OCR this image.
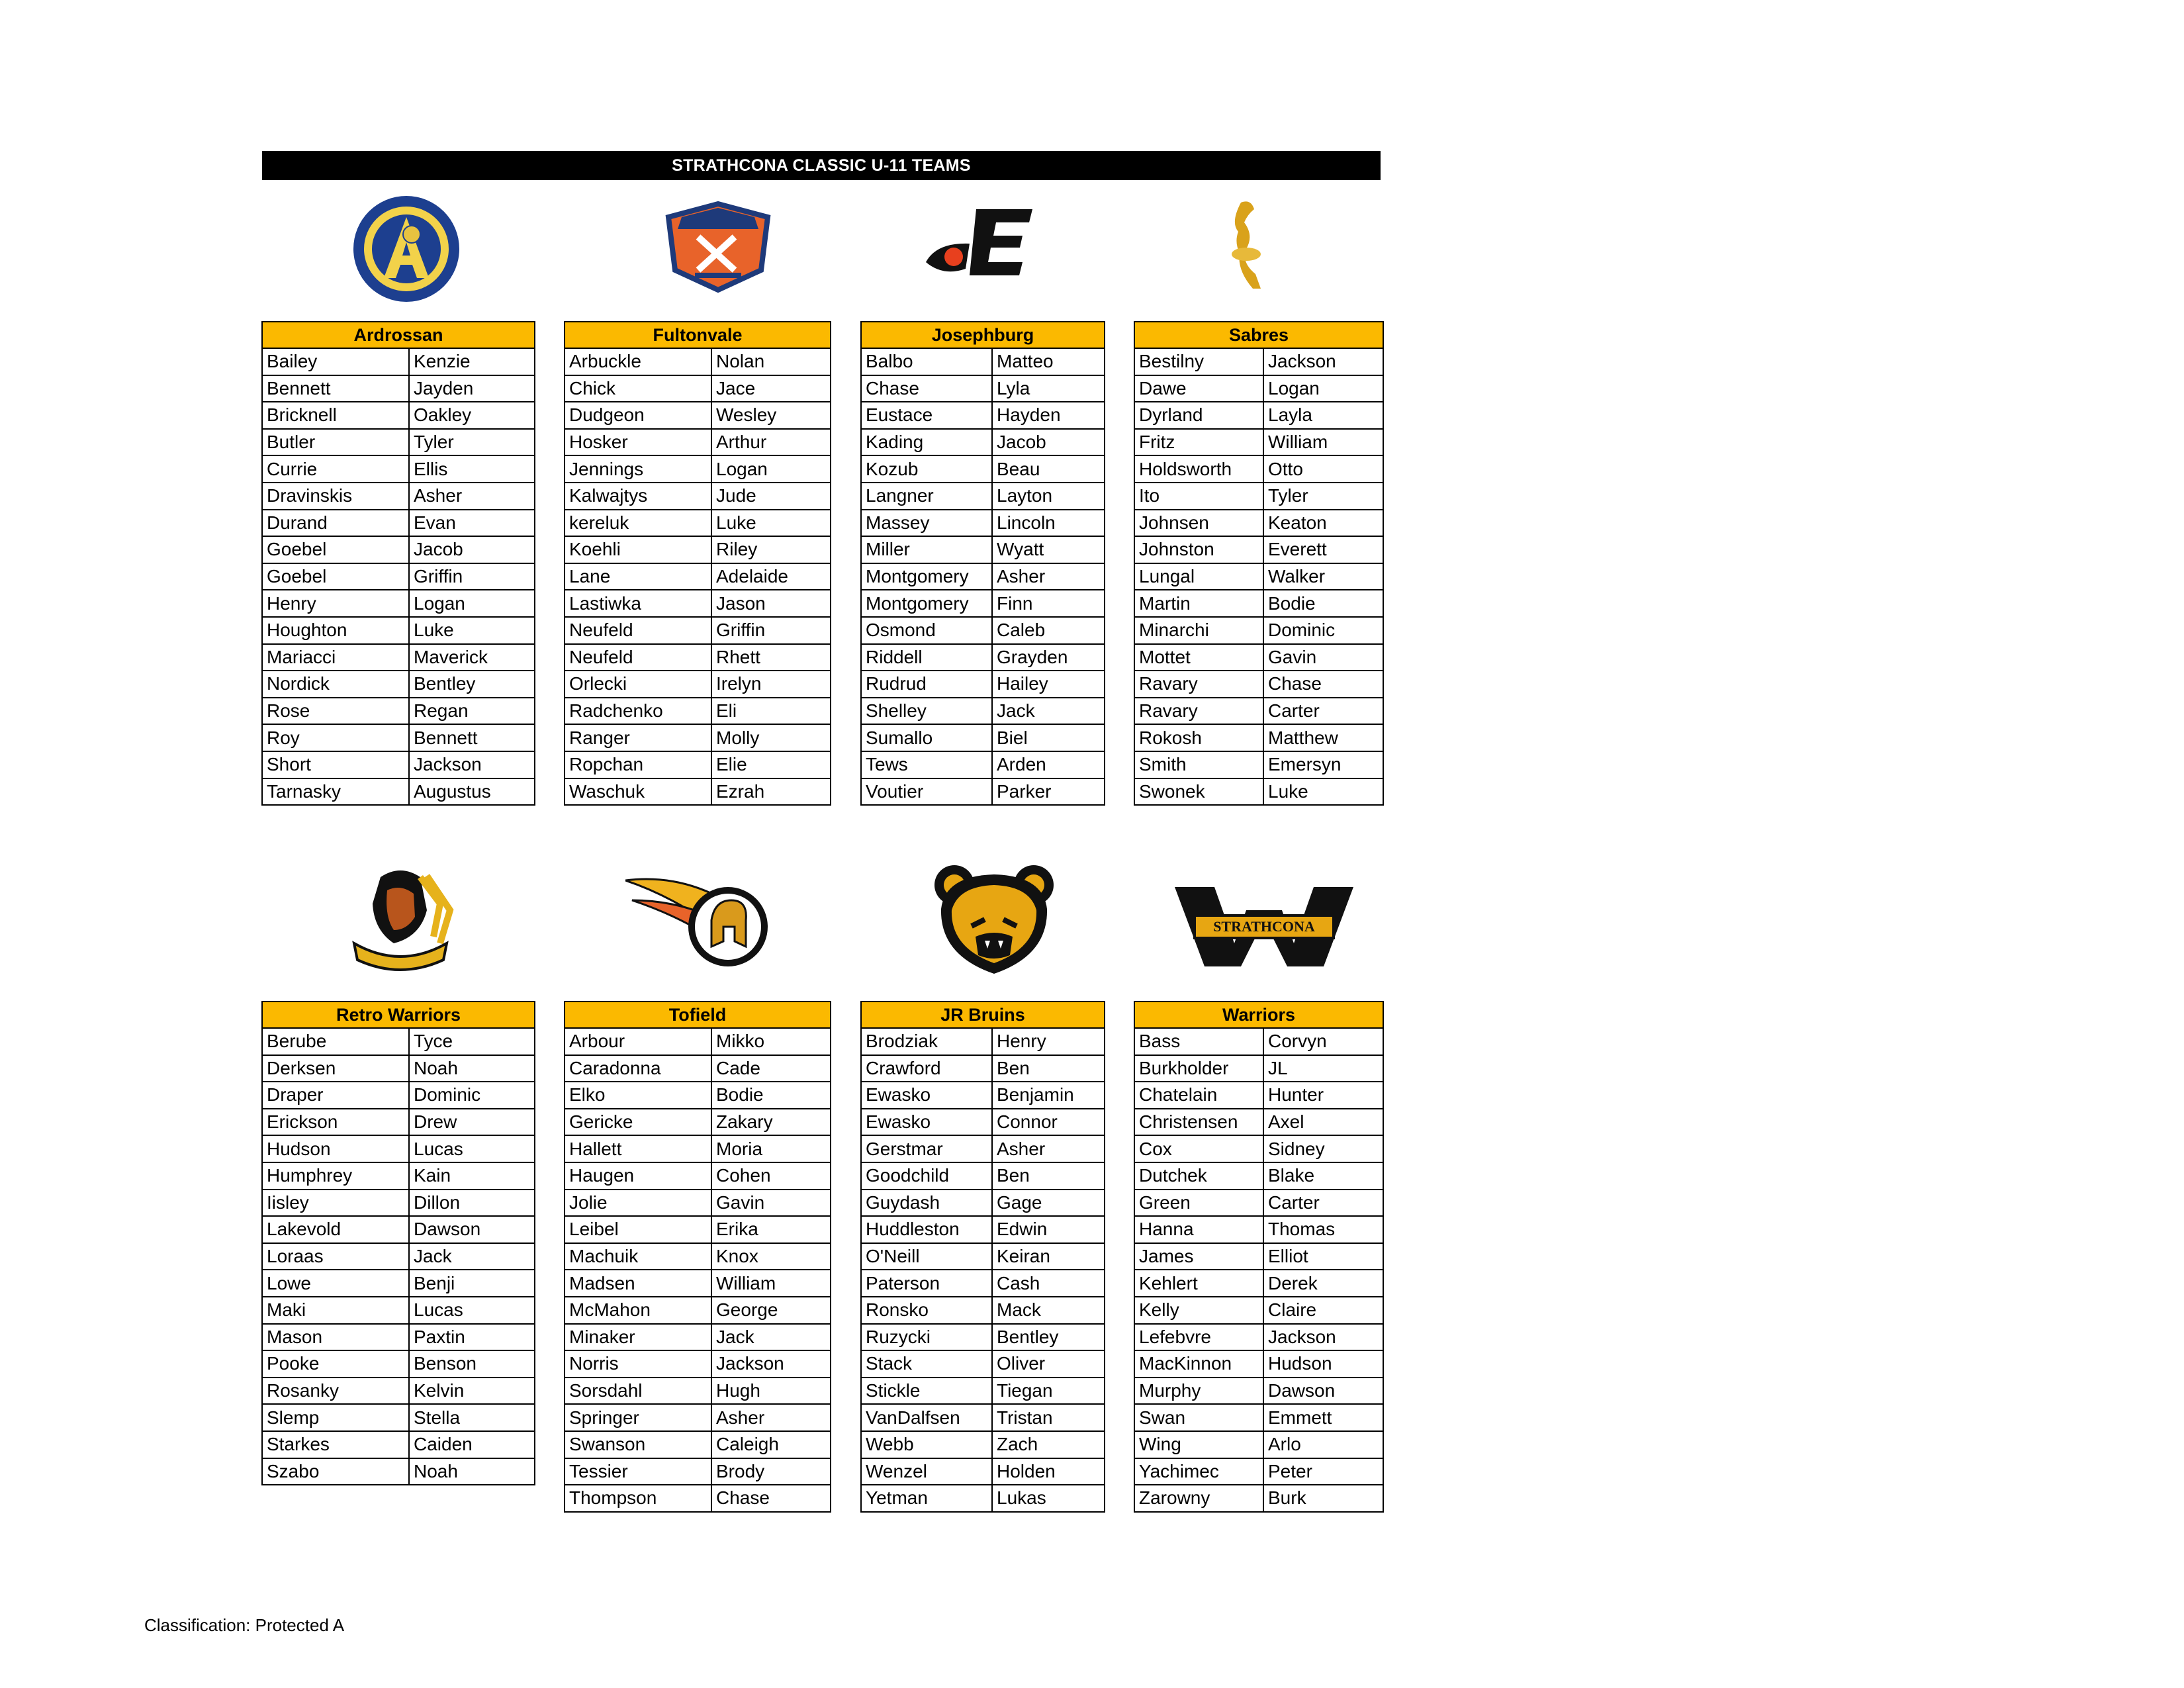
STRATHCONA CLASSIC U-11 TEAMS
Ardrossan	
Bailey	Kenzie
Bennett	Jayden
Bricknell	Oakley
Butler	Tyler
Currie	Ellis
Dravinskis	Asher
Durand	Evan
Goebel	Jacob
Goebel	Griffin
Henry	Logan
Houghton	Luke
Mariacci	Maverick
Nordick	Bentley
Rose	Regan
Roy	Bennett
Short	Jackson
Tarnasky	Augustus
Fultonvale	
Arbuckle	Nolan
Chick	Jace
Dudgeon	Wesley
Hosker	Arthur
Jennings	Logan
Kalwajtys	Jude
kereluk	Luke
Koehli	Riley
Lane	Adelaide
Lastiwka	Jason
Neufeld	Griffin
Neufeld	Rhett
Orlecki	Irelyn
Radchenko	Eli
Ranger	Molly
Ropchan	Elie
Waschuk	Ezrah
Josephburg	
Balbo	Matteo
Chase	Lyla
Eustace	Hayden
Kading	Jacob
Kozub	Beau
Langner	Layton
Massey	Lincoln
Miller	Wyatt
Montgomery	Asher
Montgomery	Finn
Osmond	Caleb
Riddell	Grayden
Rudrud	Hailey
Shelley	Jack
Sumallo	Biel
Tews	Arden
Voutier	Parker
Sabres	
Bestilny	Jackson
Dawe	Logan
Dyrland	Layla
Fritz	William
Holdsworth	Otto
Ito	Tyler
Johnsen	Keaton
Johnston	Everett
Lungal	Walker
Martin	Bodie
Minarchi	Dominic
Mottet	Gavin
Ravary	Chase
Ravary	Carter
Rokosh	Matthew
Smith	Emersyn
Swonek	Luke
STRATHCONA
Retro Warriors	
Berube	Tyce
Derksen	Noah
Draper	Dominic
Erickson	Drew
Hudson	Lucas
Humphrey	Kain
Iisley	Dillon
Lakevold	Dawson
Loraas	Jack
Lowe	Benji
Maki	Lucas
Mason	Paxtin
Pooke	Benson
Rosanky	Kelvin
Slemp	Stella
Starkes	Caiden
Szabo	Noah
Tofield	
Arbour	Mikko
Caradonna	Cade
Elko	Bodie
Gericke	Zakary
Hallett	Moria
Haugen	Cohen
Jolie	Gavin
Leibel	Erika
Machuik	Knox
Madsen	William
McMahon	George
Minaker	Jack
Norris	Jackson
Sorsdahl	Hugh
Springer	Asher
Swanson	Caleigh
Tessier	Brody
Thompson	Chase
JR Bruins	
Brodziak	Henry
Crawford	Ben
Ewasko	Benjamin
Ewasko	Connor
Gerstmar	Asher
Goodchild	Ben
Guydash	Gage
Huddleston	Edwin
O'Neill	Keiran
Paterson	Cash
Ronsko	Mack
Ruzycki	Bentley
Stack	Oliver
Stickle	Tiegan
VanDalfsen	Tristan
Webb	Zach
Wenzel	Holden
Yetman	Lukas
Warriors	
Bass	Corvyn
Burkholder	JL
Chatelain	Hunter
Christensen	Axel
Cox	Sidney
Dutchek	Blake
Green	Carter
Hanna	Thomas
James	Elliot
Kehlert	Derek
Kelly	Claire
Lefebvre	Jackson
MacKinnon	Hudson
Murphy	Dawson
Swan	Emmett
Wing	Arlo
Yachimec	Peter
Zarowny	Burk
Classification: Protected A
